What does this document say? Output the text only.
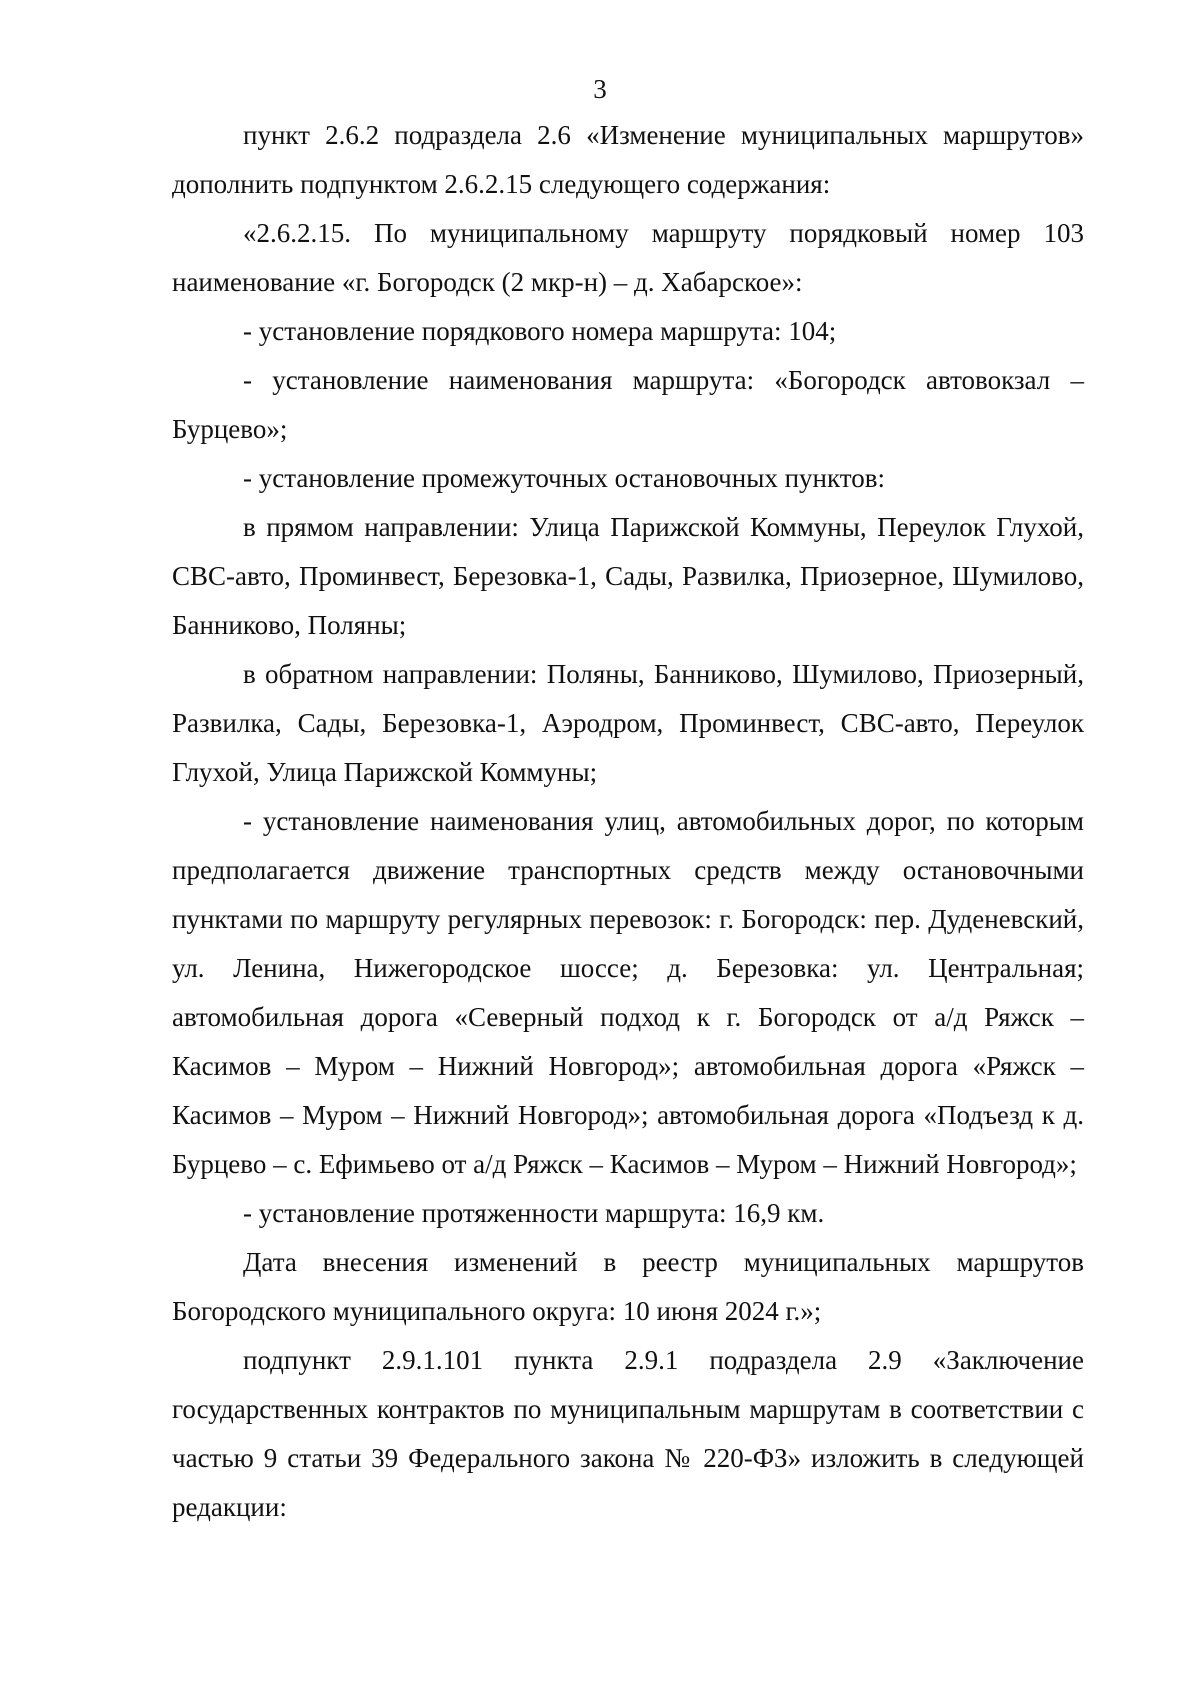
3

пункт 2.6.2 подраздела 2.6 «Изменение муниципальных маршрутов» дополнить подпунктом 2.6.2.15 следующего содержания:

«2.6.2.15. По муниципальному маршруту порядковый номер 103 наименование «г. Богородск (2 мкр-н) – д. Хабарское»:

- установление порядкового номера маршрута: 104;

- установление наименования маршрута: «Богородск автовокзал – Бурцево»;

- установление промежуточных остановочных пунктов:

в прямом направлении: Улица Парижской Коммуны, Переулок Глухой, СВС-авто, Проминвест, Березовка-1, Сады, Развилка, Приозерное, Шумилово, Банниково, Поляны;

в обратном направлении: Поляны, Банниково, Шумилово, Приозерный, Развилка, Сады, Березовка-1, Аэродром, Проминвест, СВС-авто, Переулок Глухой, Улица Парижской Коммуны;

- установление наименования улиц, автомобильных дорог, по которым предполагается движение транспортных средств между остановочными пунктами по маршруту регулярных перевозок: г. Богородск: пер. Дуденевский, ул. Ленина, Нижегородское шоссе; д. Березовка: ул. Центральная; автомобильная дорога «Северный подход к г. Богородск от а/д Ряжск – Касимов – Муром – Нижний Новгород»; автомобильная дорога «Ряжск – Касимов – Муром – Нижний Новгород»; автомобильная дорога «Подъезд к д. Бурцево – с. Ефимьево от а/д Ряжск – Касимов – Муром – Нижний Новгород»;

- установление протяженности маршрута: 16,9 км.

Дата внесения изменений в реестр муниципальных маршрутов Богородского муниципального округа: 10 июня 2024 г.»;

подпункт 2.9.1.101 пункта 2.9.1 подраздела 2.9 «Заключение государственных контрактов по муниципальным маршрутам в соответствии с частью 9 статьи 39 Федерального закона № 220-ФЗ» изложить в следующей редакции:
